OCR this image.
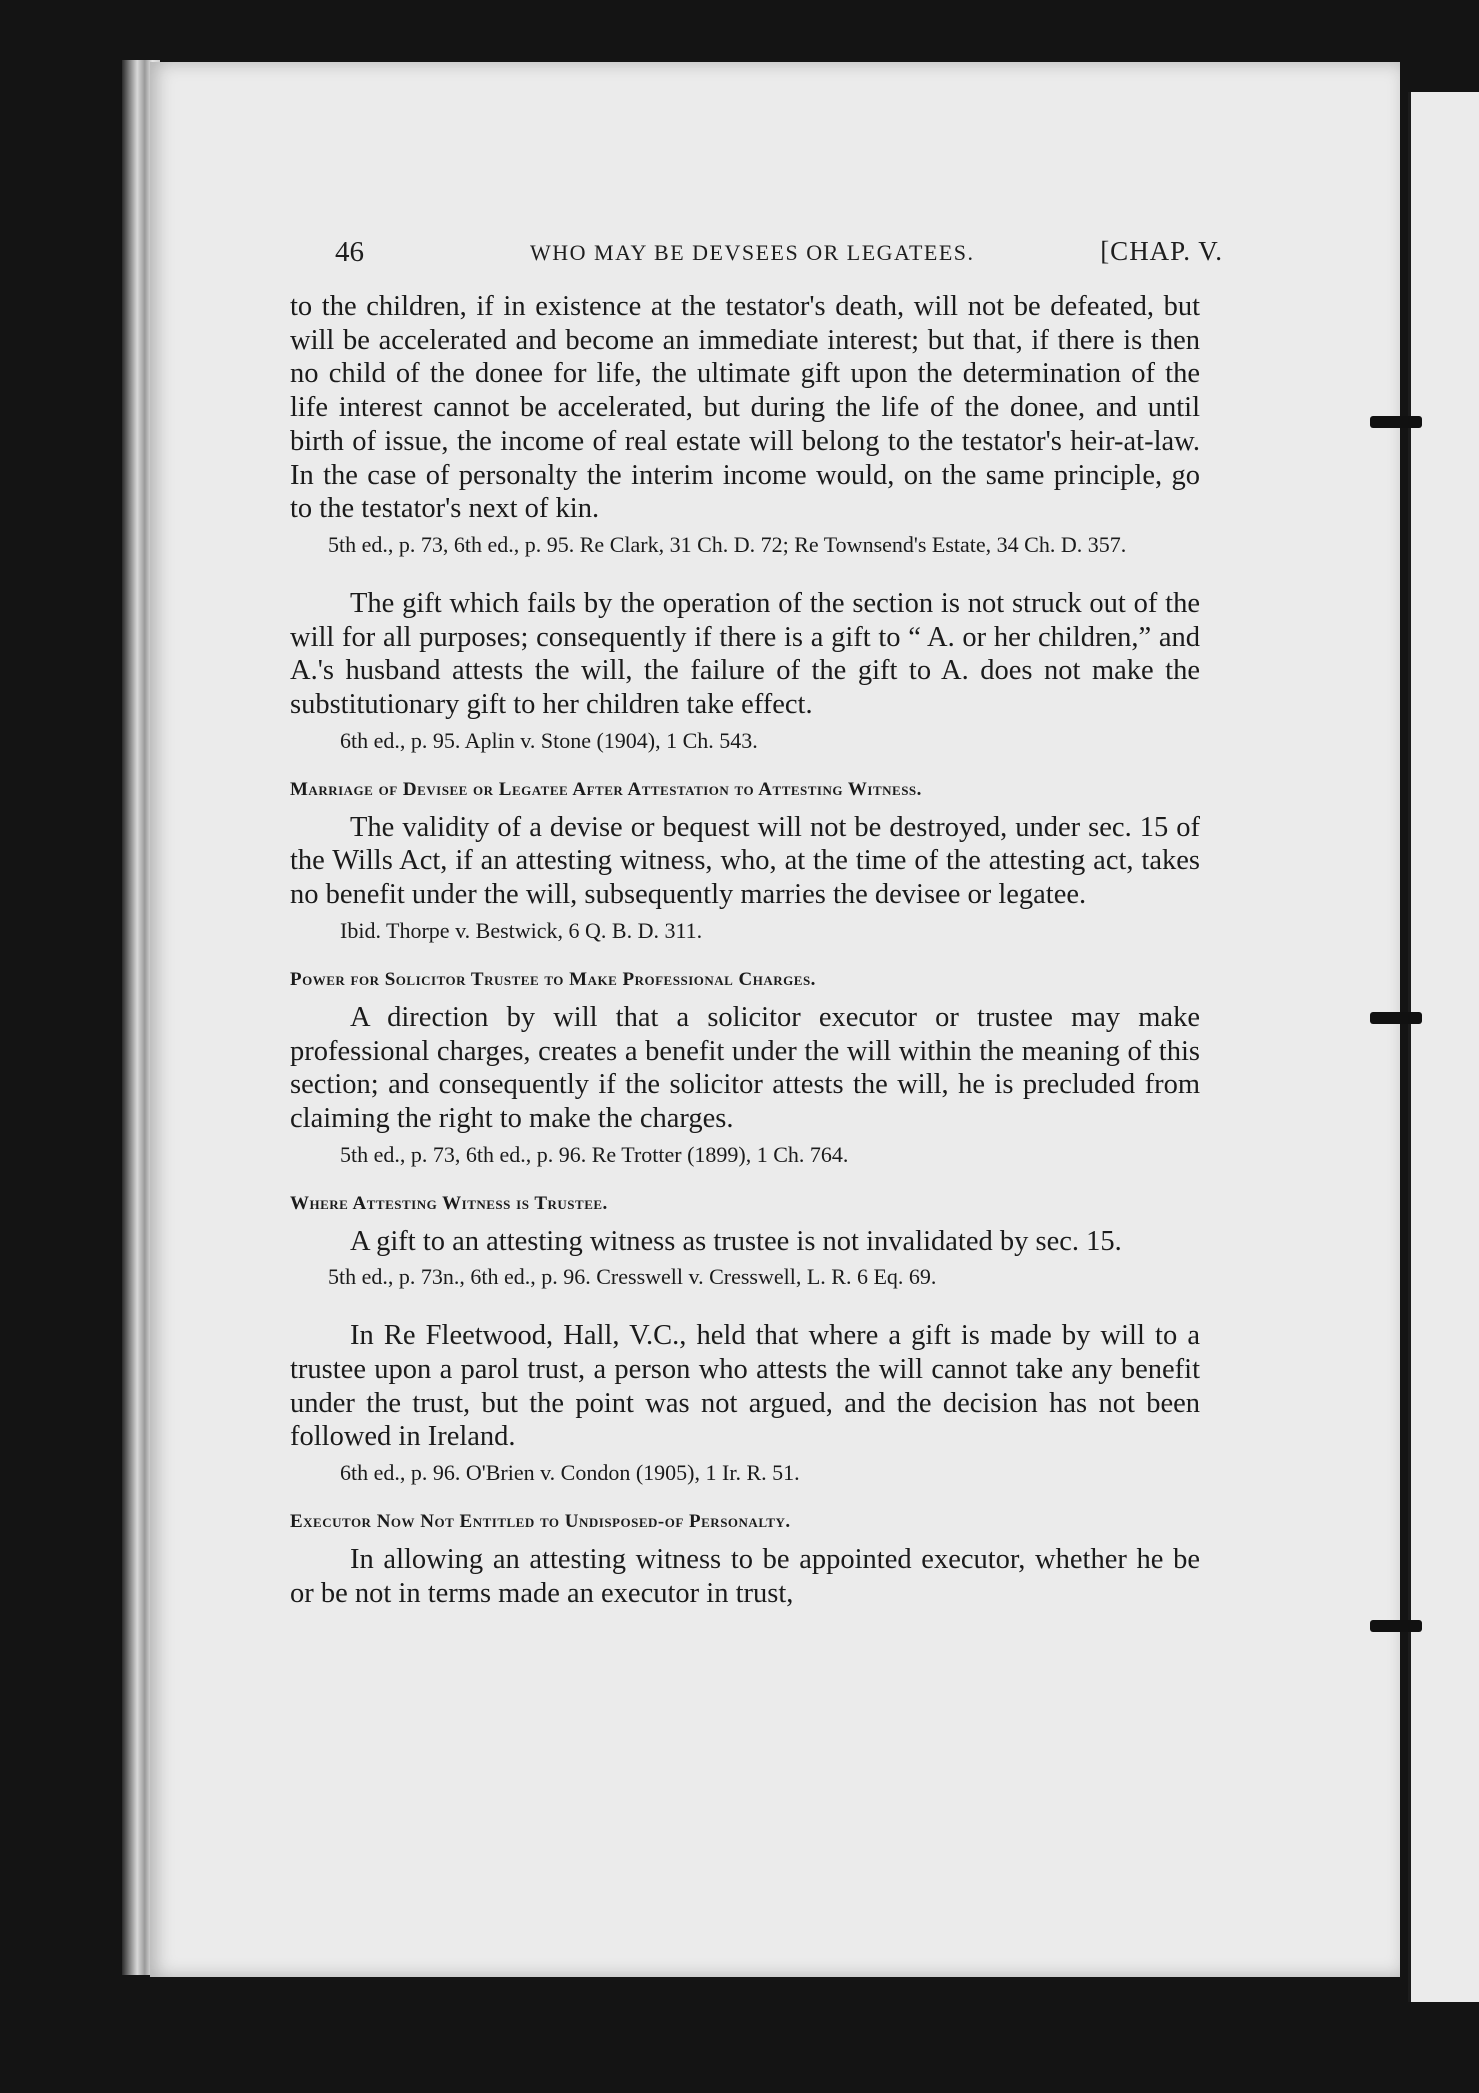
46	WHO MAY BE DEVSEES OR LEGATEES.	[CHAP. V.

to the children, if in existence at the testator's death, will not be defeated, but will be accelerated and become an immediate interest; but that, if there is then no child of the donee for life, the ultimate gift upon the determination of the life interest cannot be accelerated, but during the life of the donee, and until birth of issue, the income of real estate will belong to the testator's heir-at-law. In the case of personalty the interim income would, on the same principle, go to the testator's next of kin.

5th ed., p. 73, 6th ed., p. 95. Re Clark, 31 Ch. D. 72; Re Townsend's Estate, 34 Ch. D. 357.

The gift which fails by the operation of the section is not struck out of the will for all purposes; consequently if there is a gift to “ A. or her children,” and A.'s husband attests the will, the failure of the gift to A. does not make the substitutionary gift to her children take effect.

6th ed., p. 95. Aplin v. Stone (1904), 1 Ch. 543.

Marriage of Devisee or Legatee After Attestation to Attesting Witness.

The validity of a devise or bequest will not be destroyed, under sec. 15 of the Wills Act, if an attesting witness, who, at the time of the attesting act, takes no benefit under the will, subsequently marries the devisee or legatee.

Ibid. Thorpe v. Bestwick, 6 Q. B. D. 311.

Power for Solicitor Trustee to Make Professional Charges.

A direction by will that a solicitor executor or trustee may make professional charges, creates a benefit under the will within the meaning of this section; and consequently if the solicitor attests the will, he is precluded from claiming the right to make the charges.

5th ed., p. 73, 6th ed., p. 96. Re Trotter (1899), 1 Ch. 764.

Where Attesting Witness is Trustee.

A gift to an attesting witness as trustee is not invalidated by sec. 15.

5th ed., p. 73n., 6th ed., p. 96. Cresswell v. Cresswell, L. R. 6 Eq. 69.

In Re Fleetwood, Hall, V.C., held that where a gift is made by will to a trustee upon a parol trust, a person who attests the will cannot take any benefit under the trust, but the point was not argued, and the decision has not been followed in Ireland.

6th ed., p. 96. O'Brien v. Condon (1905), 1 Ir. R. 51.

Executor Now Not Entitled to Undisposed-of Personalty.

In allowing an attesting witness to be appointed executor, whether he be or be not in terms made an executor in trust,
